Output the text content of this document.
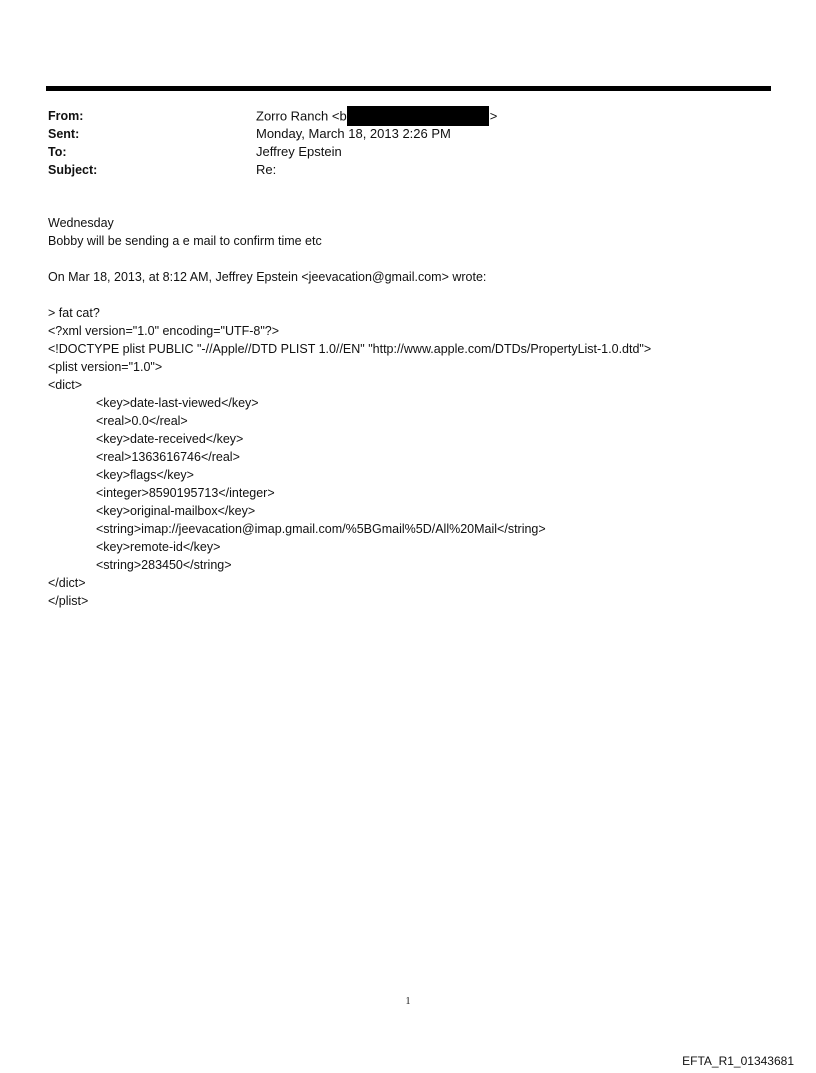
From:	Zorro Ranch <b	>
Sent:	Monday, March 18, 2013 2:26 PM
To:	Jeffrey Epstein
Subject:	Re:
Wednesday
Bobby will be sending a e mail to confirm time etc
On Mar 18, 2013, at 8:12 AM, Jeffrey Epstein <jeevacation@gmail.com> wrote:
> fat cat?
<?xml version="1.0" encoding="UTF-8"?>
<!DOCTYPE plist PUBLIC "-//Apple//DTD PLIST 1.0//EN" "http://www.apple.com/DTDs/PropertyList-1.0.dtd">
<plist version="1.0">
<dict>
<key>date-last-viewed</key>
<real>0.0</real>
<key>date-received</key>
<real>1363616746</real>
<key>flags</key>
<integer>8590195713</integer>
<key>original-mailbox</key>
<string>imap://jeevacation@imap.gmail.com/%5BGmail%5D/All%20Mail</string>
<key>remote-id</key>
<string>283450</string>
</dict>
</plist>
1
EFTA_R1_01343681
